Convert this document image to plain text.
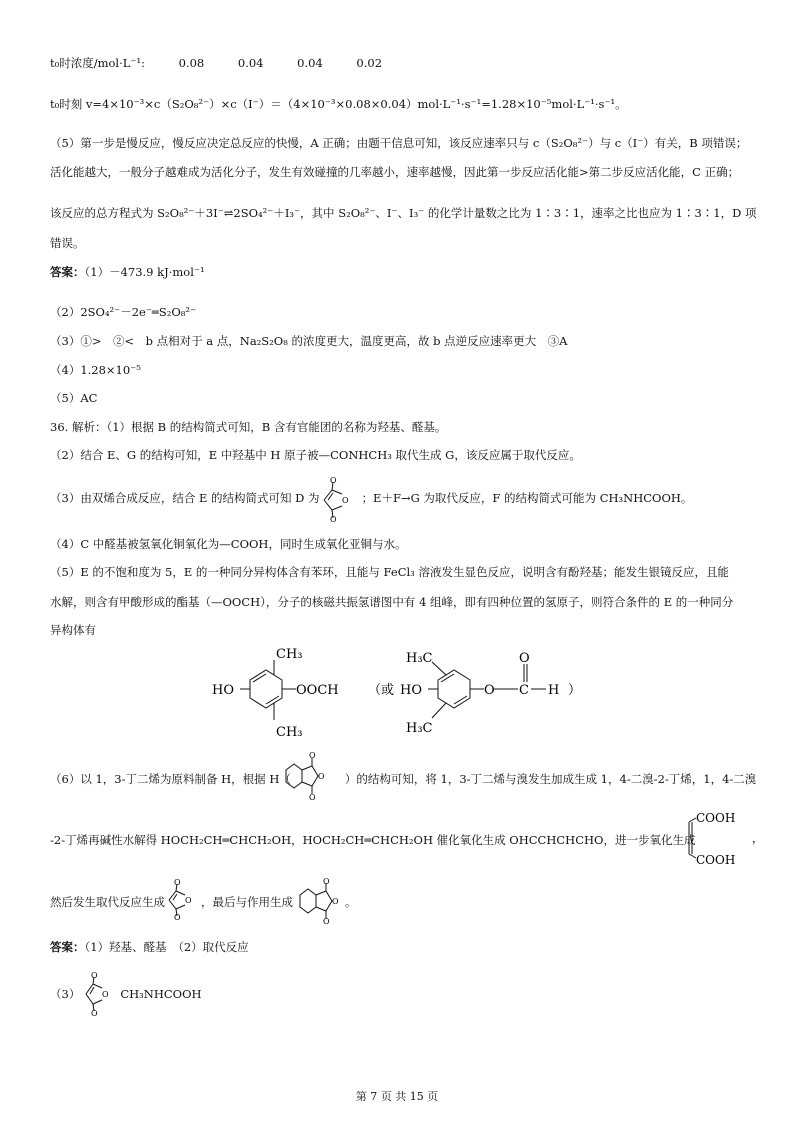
t₀时浓度/mol·L⁻¹:	0.08	0.04	0.04	0.02
t₀时刻 v=4×10⁻³×c（S₂O₈²⁻）×c（I⁻）＝（4×10⁻³×0.08×0.04）mol·L⁻¹·s⁻¹=1.28×10⁻⁵mol·L⁻¹·s⁻¹。
（5）第一步是慢反应，慢反应决定总反应的快慢，A 正确；由题干信息可知，该反应速率只与 c（S₂O₈²⁻）与 c（I⁻）有关，B 项错误；
活化能越大，一般分子越难成为活化分子，发生有效碰撞的几率越小，速率越慢，因此第一步反应活化能>第二步反应活化能，C 正确；
该反应的总方程式为 S₂O₈²⁻＋3I⁻⇌2SO₄²⁻＋I₃⁻，其中 S₂O₈²⁻、I⁻、I₃⁻ 的化学计量数之比为 1∶3∶1，速率之比也应为 1∶3∶1，D 项
错误。
答案：（1）－473.9 kJ·mol⁻¹
（2）2SO₄²⁻－2e⁻═S₂O₈²⁻
（3）①>　②<　b 点相对于 a 点，Na₂S₂O₈ 的浓度更大，温度更高，故 b 点逆反应速率更大　③A
（4）1.28×10⁻⁵
（5）AC
36. 解析：（1）根据 B 的结构简式可知，B 含有官能团的名称为羟基、醛基。
（2）结合 E、G 的结构可知，E 中羟基中 H 原子被—CONHCH₃ 取代生成 G，该反应属于取代反应。
（3）由双烯合成反应，结合 E 的结构简式可知 D 为	；E＋F→G 为取代反应，F 的结构简式可能为 CH₃NHCOOH。
O
O
O
（4）C 中醛基被氢氧化铜氧化为—COOH，同时生成氧化亚铜与水。
（5）E 的不饱和度为 5，E 的一种同分异构体含有苯环，且能与 FeCl₃ 溶液发生显色反应，说明含有酚羟基；能发生银镜反应，且能
水解，则含有甲酸形成的酯基（—OOCH），分子的核磁共振氢谱图中有 4 组峰，即有四种位置的氢原子，则符合条件的 E 的一种同分
异构体有
CH₃
HO	OOCH
CH₃
（或
H₃C
HO
H₃C
O
O
C H ）
（6）以 1，3-丁二烯为原料制备 H，根据 H（	）的结构可知，将 1，3-丁二烯与溴发生加成生成 1，4-二溴-2-丁烯，1，4-二溴
O
O
O
-2-丁烯再碱性水解得 HOCH₂CH═CHCH₂OH，HOCH₂CH═CHCH₂OH 催化氧化生成 OHCCHCHCHO，进一步氧化生成
COOH
COOH
，
然后发生取代反应生成	，最后与作用生成	。
O
O
O
O
O
O
答案：（1）羟基、醛基　（2）取代反应
（3）	CH₃NHCOOH
O
O
O
第 7 页 共 15 页
